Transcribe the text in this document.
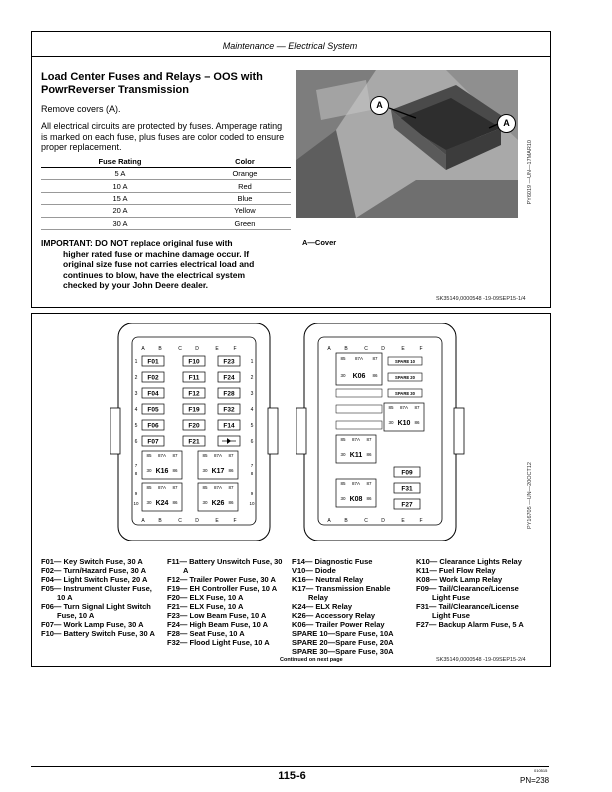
Maintenance — Electrical System
Load Center Fuses and Relays – OOS with PowrReverser Transmission
Remove covers (A).
All electrical circuits are protected by fuses. Amperage rating is marked on each fuse, plus fuses are color coded to ensure proper replacement.
Fuse Rating	Color
5 A	Orange
10 A	Red
15 A	Blue
20 A	Yellow
30 A	Green
IMPORTANT: DO NOT replace original fuse with
higher rated fuse or machine damage occur. If
original size fuse not carries electrical load and
continues to blow, have the electrical system
checked by your John Deere dealer.
A
A
PY6019 —UN—17MAR10
A—Cover
SK35149,0000548 -19-09SEP15-1/4
A	B	C	D	E	F
A	B	C	D	E	F
1	1
2	2
3	3
4	4
5	5
6	6
F01	F10	F23
F02	F11	F24
F04	F12	F28
F05	F19	F32
F06	F20	F14
F07	F21
85 87A 87
30	86
K16
85 87A 87
30	86
K17
85 87A 87
30	86
K24
85 87A 87
30	86
K26
7	7
8	8
9	9
10	10
A	B	C	D	E	F
A	B	C	D	E	F
85 87A 87
30	86
K06
SPARE 10
SPARE 20
SPARE 30
85 87A 87
30	86
K10
85 87A 87
30	86
K11
85 87A 87
30	86
K08
F09
F31
F27	PY16705 —UN—20OCT12
F01— Key Switch Fuse, 30 A
F02— Turn/Hazard Fuse, 30 A
F04— Light Switch Fuse, 20 A
F05— Instrument Cluster Fuse,
10 A
F06— Turn Signal Light Switch
Fuse, 10 A
F07— Work Lamp Fuse, 30 A
F10— Battery Switch Fuse, 30 A
F11— Battery Unswitch Fuse, 30
A
F12— Trailer Power Fuse, 30 A
F19— EH Controller Fuse, 10 A
F20— ELX Fuse, 10 A
F21— ELX Fuse, 10 A
F23— Low Beam Fuse, 10 A
F24— High Beam Fuse, 10 A
F28— Seat Fuse, 10 A
F32— Flood Light Fuse, 10 A
F14— Diagnostic Fuse
V10— Diode
K16— Neutral Relay
K17— Transmission Enable
Relay
K24— ELX Relay
K26— Accessory Relay
K06— Trailer Power Relay
SPARE 10—Spare Fuse, 10A
SPARE 20—Spare Fuse, 20A
SPARE 30—Spare Fuse, 30A
K10— Clearance Lights Relay
K11— Fuel Flow Relay
K08— Work Lamp Relay
F09— Tail/Clearance/License
Light Fuse
F31— Tail/Clearance/License
Light Fuse
F27— Backup Alarm Fuse, 5 A
Continued on next page	SK35149,0000548 -19-09SEP15-2/4
115-6	010515
PN=238
